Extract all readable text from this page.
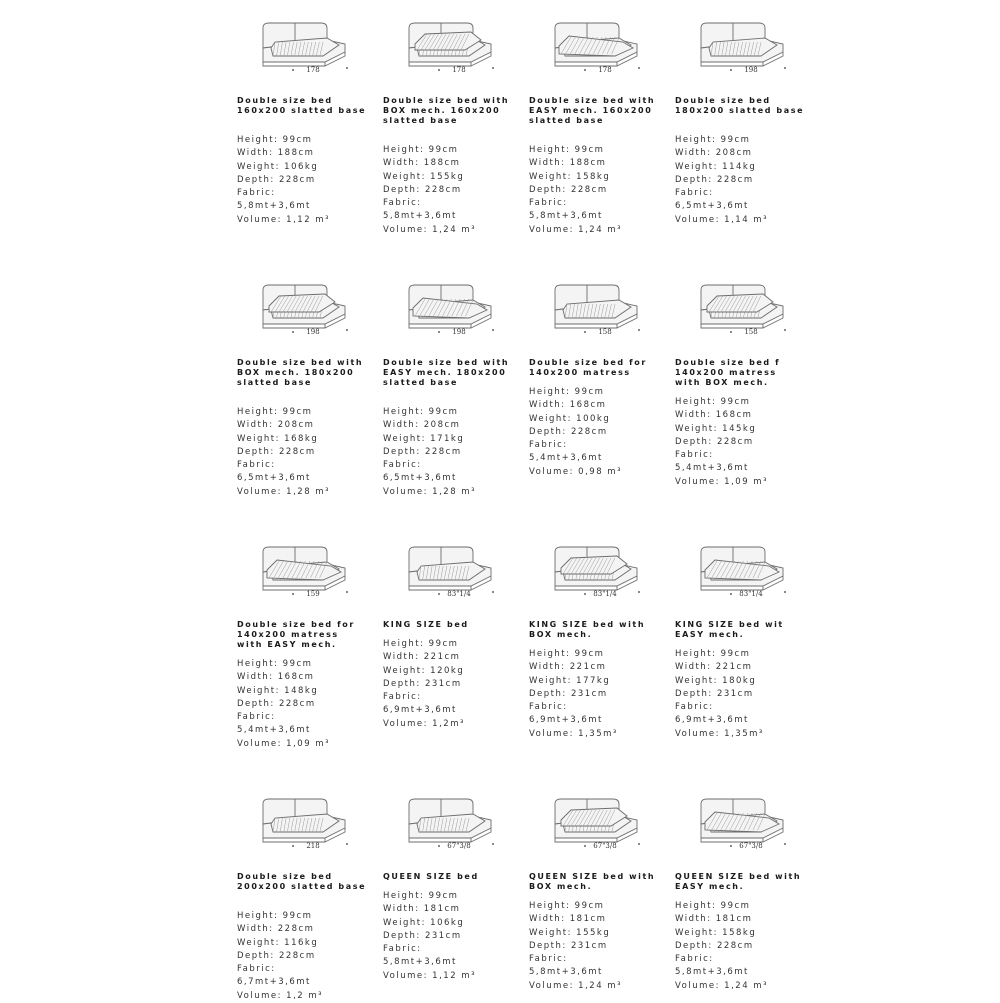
178
Double size bed 160x200 slatted base
Height: 99cm
Width: 188cm
Weight: 106kg
Depth: 228cm
Fabric:
5,8mt+3,6mt
Volume: 1,12 m³
178
Double size bed with BOX mech. 160x200 slatted base
Height: 99cm
Width: 188cm
Weight: 155kg
Depth: 228cm
Fabric:
5,8mt+3,6mt
Volume: 1,24 m³
178
Double size bed with EASY mech. 160x200 slatted base
Height: 99cm
Width: 188cm
Weight: 158kg
Depth: 228cm
Fabric:
5,8mt+3,6mt
Volume: 1,24 m³
198
Double size bed 180x200 slatted base
Height: 99cm
Width: 208cm
Weight: 114kg
Depth: 228cm
Fabric:
6,5mt+3,6mt
Volume: 1,14 m³
198
Double size bed with BOX mech. 180x200 slatted base
Height: 99cm
Width: 208cm
Weight: 168kg
Depth: 228cm
Fabric:
6,5mt+3,6mt
Volume: 1,28 m³
198
Double size bed with EASY mech. 180x200 slatted base
Height: 99cm
Width: 208cm
Weight: 171kg
Depth: 228cm
Fabric:
6,5mt+3,6mt
Volume: 1,28 m³
158
Double size bed for 140x200 matress
Height: 99cm
Width: 168cm
Weight: 100kg
Depth: 228cm
Fabric:
5,4mt+3,6mt
Volume: 0,98 m³
158
Double size bed f 140x200 matress with BOX mech.
Height: 99cm
Width: 168cm
Weight: 145kg
Depth: 228cm
Fabric:
5,4mt+3,6mt
Volume: 1,09 m³
159
Double size bed for 140x200 matress with EASY mech.
Height: 99cm
Width: 168cm
Weight: 148kg
Depth: 228cm
Fabric:
5,4mt+3,6mt
Volume: 1,09 m³
83"1/4
KING SIZE bed
Height: 99cm
Width: 221cm
Weight: 120kg
Depth: 231cm
Fabric:
6,9mt+3,6mt
Volume: 1,2m³
83"1/4
KING SIZE bed with BOX mech.
Height: 99cm
Width: 221cm
Weight: 177kg
Depth: 231cm
Fabric:
6,9mt+3,6mt
Volume: 1,35m³
83"1/4
KING SIZE bed wit EASY mech.
Height: 99cm
Width: 221cm
Weight: 180kg
Depth: 231cm
Fabric:
6,9mt+3,6mt
Volume: 1,35m³
218
Double size bed 200x200 slatted base
Height: 99cm
Width: 228cm
Weight: 116kg
Depth: 228cm
Fabric:
6,7mt+3,6mt
Volume: 1,2 m³
67"3/8
QUEEN SIZE bed
Height: 99cm
Width: 181cm
Weight: 106kg
Depth: 231cm
Fabric:
5,8mt+3,6mt
Volume: 1,12 m³
67"3/8
QUEEN SIZE bed with BOX mech.
Height: 99cm
Width: 181cm
Weight: 155kg
Depth: 231cm
Fabric:
5,8mt+3,6mt
Volume: 1,24 m³
67"3/8
QUEEN SIZE bed with EASY mech.
Height: 99cm
Width: 181cm
Weight: 158kg
Depth: 228cm
Fabric:
5,8mt+3,6mt
Volume: 1,24 m³
